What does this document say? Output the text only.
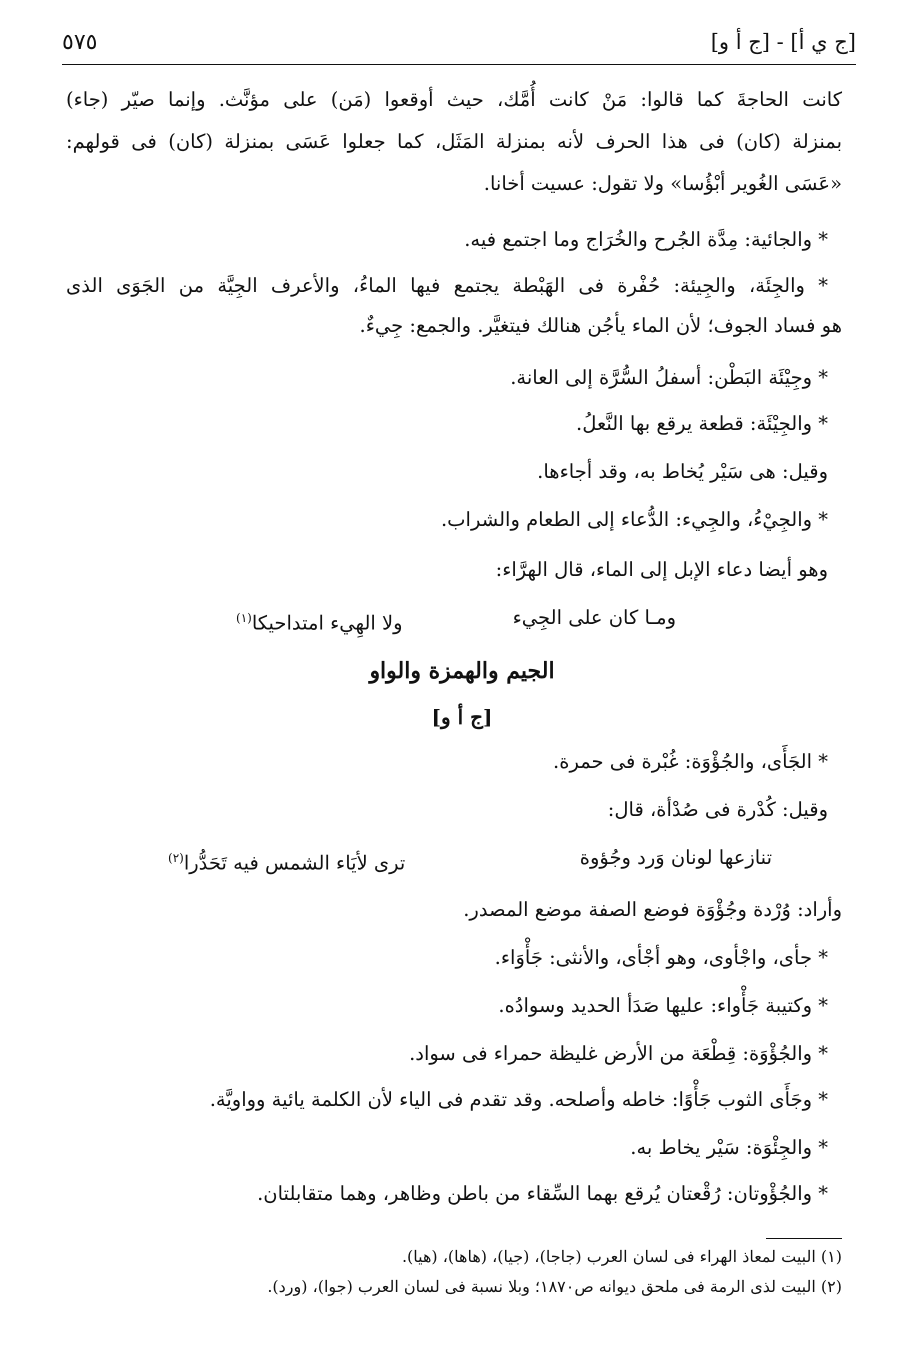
[ج ي أ] - [ج أ و]
٥٧٥
كانت الحاجةَ كما قالوا: مَنْ كانت أُمَّك، حيث أوقعوا (مَن) على مؤنَّث. وإنما صيّر (جاء)
بمنزلة (كان) فى هذا الحرف لأنه بمنزلة المَثَل، كما جعلوا عَسَى بمنزلة (كان) فى قولهم:
«عَسَى الغُوير أبْؤُسا» ولا تقول: عسيت أخانا.
* والجائية: مِدَّة الجُرح والخُرَاج وما اجتمع فيه.
* والجِئَة، والجِيئة: حُفْرة فى الهَبْطة يجتمع فيها الماءُ، والأعرف الجِيَّة من الجَوَى الذى
هو فساد الجوف؛ لأن الماء يأجُن هنالك فيتغيَّر. والجمع: جِيءٌ.
* وجِيْئَة البَطْن: أسفلُ السُّرَّة إلى العانة.
* والجِيْئَة: قطعة يرقع بها النَّعلُ.
وقيل: هى سَيْر يُخاط به، وقد أجاءها.
* والجِيْءُ، والجِيء: الدُّعاء إلى الطعام والشراب.
وهو أيضا دعاء الإبل إلى الماء، قال الهرَّاء:
ومـا كان على الجِيء
ولا الهِيء امتداحيكا$^{(١)}$
الجيم والهمزة والواو
[ج أ و]
* الجَأَى، والجُؤْوَة: غُبْرة فى حمرة.
وقيل: كُدْرة فى صُدْأة، قال:
تنازعها لونان وَرد وجُؤوة
ترى لأيَاء الشمس فيه تَحَدُّرا$^{(٢)}$
وأراد: وُرْدة وجُؤْوَة فوضع الصفة موضع المصدر.
* جأى، واجْأوى، وهو أجْأى، والأنثى: جَأْوَاء.
* وكتيبة جَأْواء: عليها صَدَأ الحديد وسوادُه.
* والجُؤْوَة: قِطْعَة من الأرض غليظة حمراء فى سواد.
* وجَأَى الثوب جَأْوًا: خاطه وأصلحه. وقد تقدم فى الياء لأن الكلمة يائية وواويَّة.
* والجِئْوَة: سَيْر يخاط به.
* والجُؤْوتان: رُقْعتان يُرقع بهما السِّقاء من باطن وظاهر، وهما متقابلتان.
(١) البيت لمعاذ الهراء فى لسان العرب (جاجا)، (جيا)، (هاها)، (هيا).
(٢) البيت لذى الرمة فى ملحق ديوانه ص١٨٧٠؛ وبلا نسبة فى لسان العرب (جوا)، (ورد).
